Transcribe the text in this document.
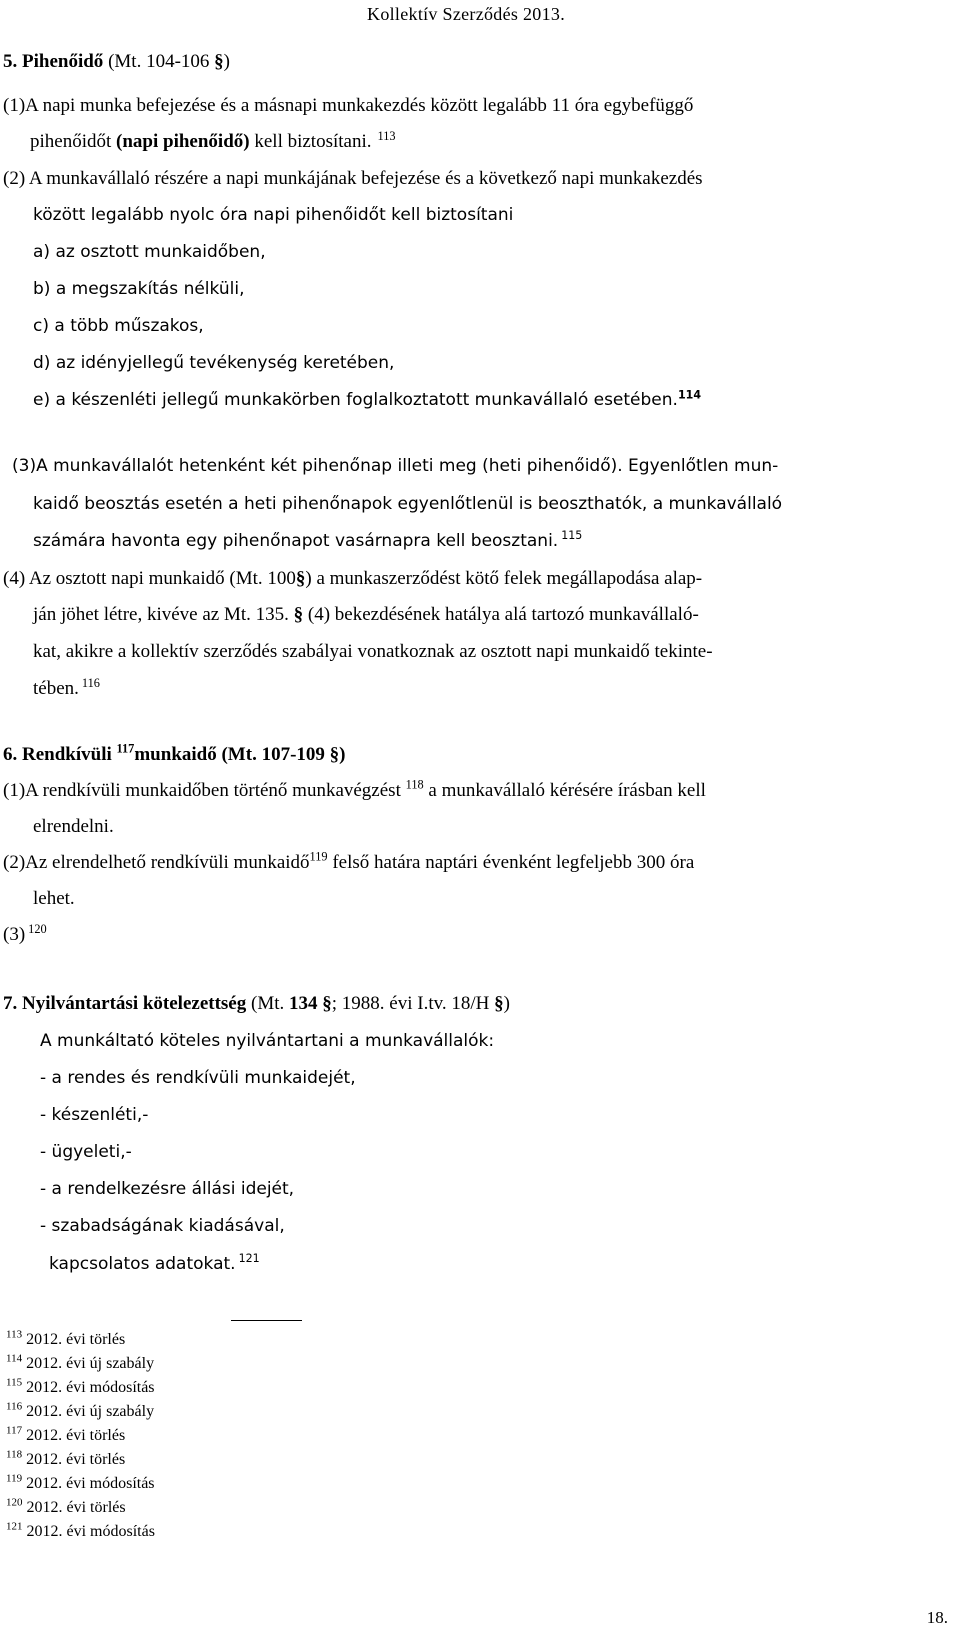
Kollektív Szerződés 2013.
5. Pihenőidő (Mt. 104-106 §)
(1)A napi munka befejezése és a másnapi munkakezdés között legalább 11 óra egybefüggő
pihenőidőt (napi pihenőidő) kell biztosítani. $^{113}$
(2) A munkavállaló részére a napi munkájának befejezése és a következő napi munkakezdés
között legalább nyolc óra napi pihenőidőt kell biztosítani
a) az osztott munkaidőben,
b) a megszakítás nélküli,
c) a több műszakos,
d) az idényjellegű tevékenység keretében,
e) a készenléti jellegű munkakörben foglalkoztatott munkavállaló esetében.$^{114}$
(3)A munkavállalót hetenként két pihenőnap illeti meg (heti pihenőidő). Egyenlőtlen mun-
kaidő beosztás esetén a heti pihenőnapok egyenlőtlenül is beoszthatók, a munkavállaló
számára havonta egy pihenőnapot vasárnapra kell beosztani. $^{115}$
(4) Az osztott napi munkaidő (Mt. 100§) a munkaszerződést kötő felek megállapodása alap-
ján jöhet létre, kivéve az Mt. 135. § (4) bekezdésének hatálya alá tartozó munkavállaló-
kat, akikre a kollektív szerződés szabályai vonatkoznak az osztott napi munkaidő tekinte-
tében. $^{116}$
6. Rendkívüli $^{117}$munkaidő (Mt. 107-109 §)
(1)A rendkívüli munkaidőben történő munkavégzést $^{118}$ a munkavállaló kérésére írásban kell
elrendelni.
(2)Az elrendelhető rendkívüli munkaidő$^{119}$ felső határa naptári évenként legfeljebb 300 óra
lehet.
(3) $^{120}$
7. Nyilvántartási kötelezettség (Mt. 134 §; 1988. évi I.tv. 18/H §)
A munkáltató köteles nyilvántartani a munkavállalók:
- a rendes és rendkívüli munkaidejét,
- készenléti,-
- ügyeleti,-
- a rendelkezésre állási idejét,
- szabadságának kiadásával,
kapcsolatos adatokat. $^{121}$
$^{113}$ 2012. évi törlés
$^{114}$ 2012. évi új szabály
$^{115}$ 2012. évi módosítás
$^{116}$ 2012. évi új szabály
$^{117}$ 2012. évi törlés
$^{118}$ 2012. évi törlés
$^{119}$ 2012. évi módosítás
$^{120}$ 2012. évi törlés
$^{121}$ 2012. évi módosítás
18.
